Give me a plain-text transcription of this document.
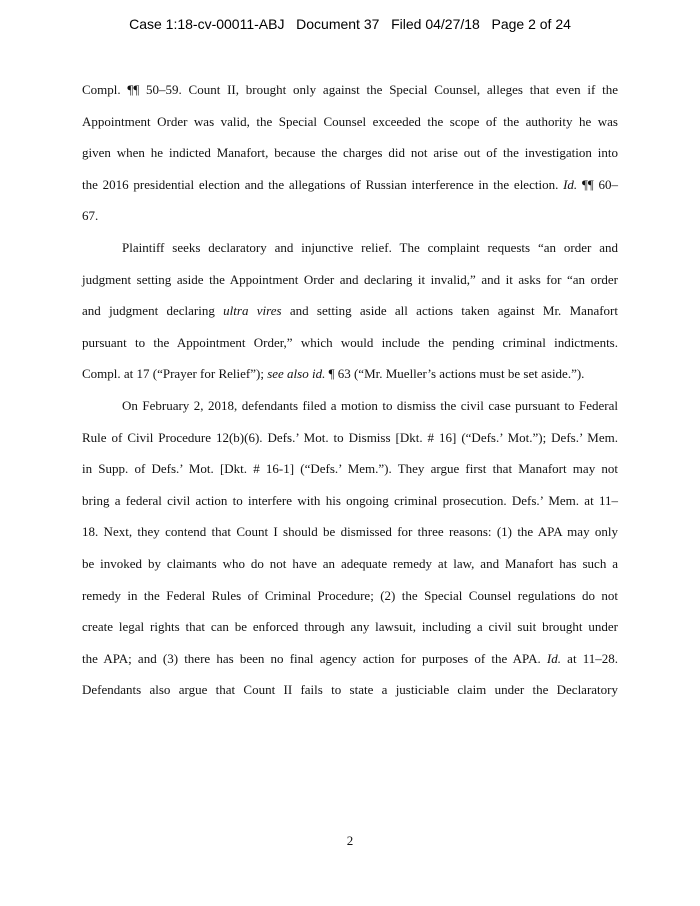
Case 1:18-cv-00011-ABJ Document 37 Filed 04/27/18 Page 2 of 24
Compl. ¶¶ 50–59. Count II, brought only against the Special Counsel, alleges that even if the
Appointment Order was valid, the Special Counsel exceeded the scope of the authority he was
given when he indicted Manafort, because the charges did not arise out of the investigation into
the 2016 presidential election and the allegations of Russian interference in the election. Id. ¶¶ 60–
67.
Plaintiff seeks declaratory and injunctive relief. The complaint requests “an order and
judgment setting aside the Appointment Order and declaring it invalid,” and it asks for “an order
and judgment declaring ultra vires and setting aside all actions taken against Mr. Manafort
pursuant to the Appointment Order,” which would include the pending criminal indictments.
Compl. at 17 (“Prayer for Relief”); see also id. ¶ 63 (“Mr. Mueller’s actions must be set aside.”).
On February 2, 2018, defendants filed a motion to dismiss the civil case pursuant to Federal
Rule of Civil Procedure 12(b)(6). Defs.’ Mot. to Dismiss [Dkt. # 16] (“Defs.’ Mot.”); Defs.’ Mem.
in Supp. of Defs.’ Mot. [Dkt. # 16-1] (“Defs.’ Mem.”). They argue first that Manafort may not
bring a federal civil action to interfere with his ongoing criminal prosecution. Defs.’ Mem. at 11–
18. Next, they contend that Count I should be dismissed for three reasons: (1) the APA may only
be invoked by claimants who do not have an adequate remedy at law, and Manafort has such a
remedy in the Federal Rules of Criminal Procedure; (2) the Special Counsel regulations do not
create legal rights that can be enforced through any lawsuit, including a civil suit brought under
the APA; and (3) there has been no final agency action for purposes of the APA. Id. at 11–28.
Defendants also argue that Count II fails to state a justiciable claim under the Declaratory
2
